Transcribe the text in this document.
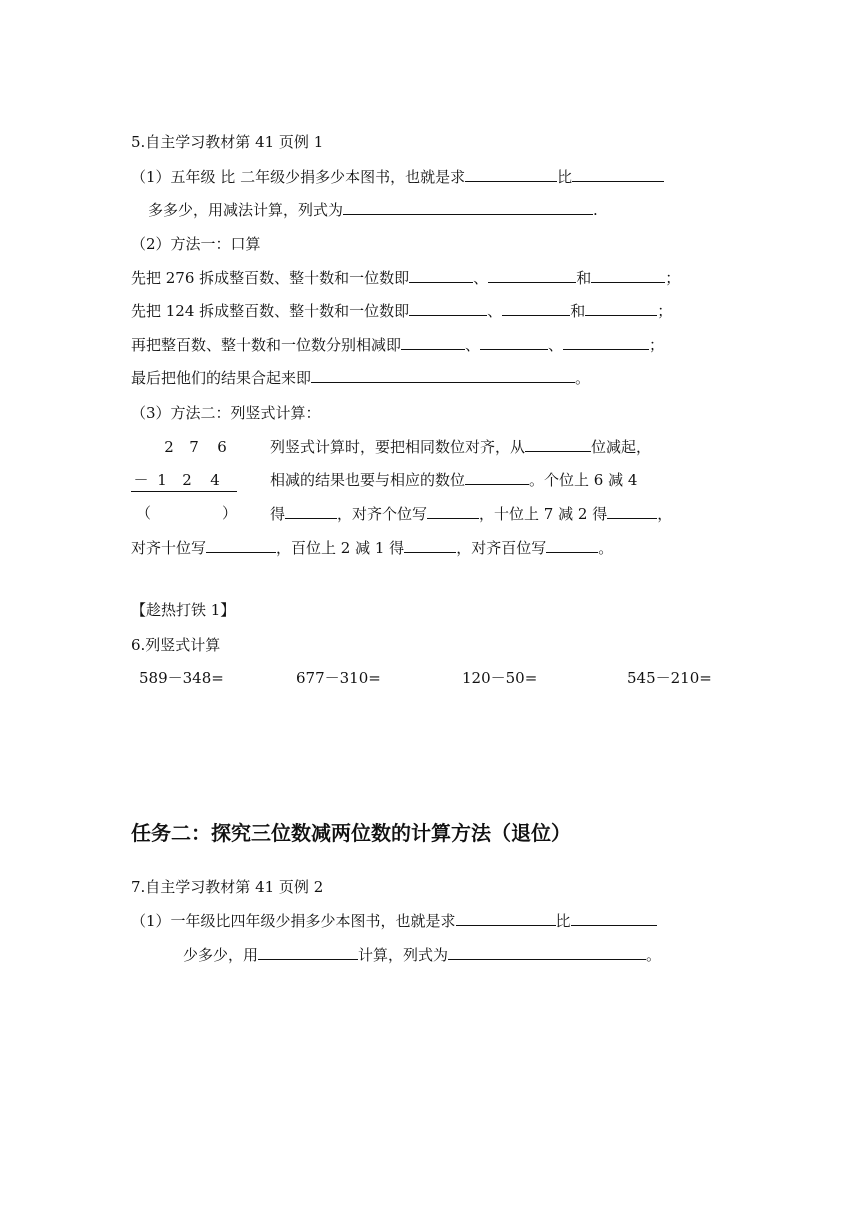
5.自主学习教材第 41 页例 1
（1）五年级 比 二年级少捐多少本图书，也就是求	比
多多少，用减法计算，列式为	.
（2）方法一：口算
先把 276 拆成整百数、整十数和一位数即	、	和	；
先把 124 拆成整百数、整十数和一位数即	、	和	；
再把整百数、整十数和一位数分别相减即	、	、	；
最后把他们的结果合起来即	。
（3）方法二：列竖式计算：
2 7 6
－ 1 2 4
（	）
列竖式计算时，要把相同数位对齐，从	位减起，
相减的结果也要与相应的数位	。个位上 6 减 4
得	，对齐个位写	，十位上 7 减 2 得	，
对齐十位写	，百位上 2 减 1 得	，对齐百位写	。
【趁热打铁 1】
6.列竖式计算
589－348=	677－310=	120－50=	545－210=
任务二：探究三位数减两位数的计算方法（退位）
7.自主学习教材第 41 页例 2
（1）一年级比四年级少捐多少本图书，也就是求	比
少多少，用	计算，列式为	。
